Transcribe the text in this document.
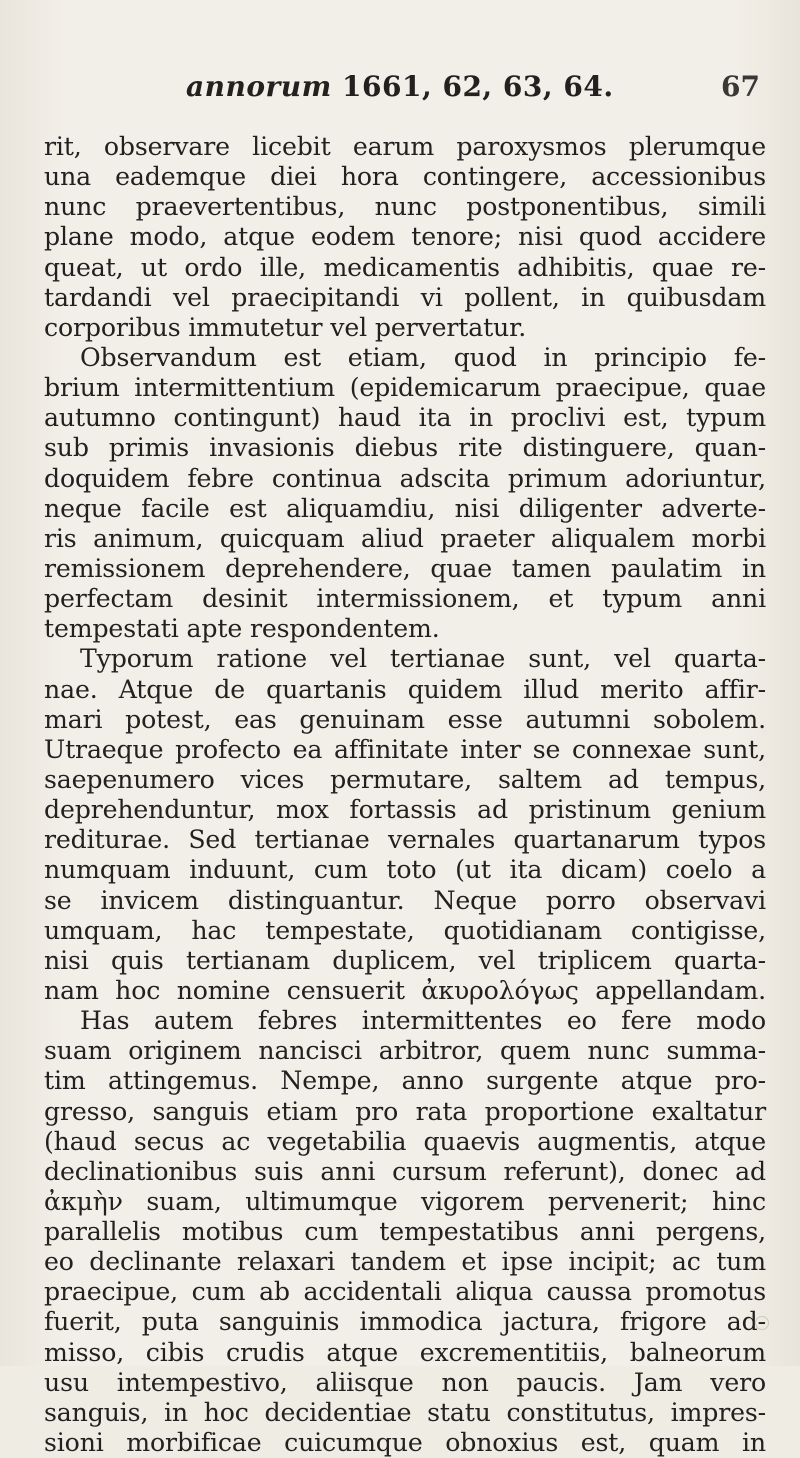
annorum 1661, 62, 63, 64.	67
rit, observare licebit earum paroxysmos plerumque
una eademque diei hora contingere, accessionibus
nunc praevertentibus, nunc postponentibus, simili
plane modo, atque eodem tenore; nisi quod accidere
queat, ut ordo ille, medicamentis adhibitis, quae re-
tardandi vel praecipitandi vi pollent, in quibusdam
corporibus immutetur vel pervertatur.
Observandum est etiam, quod in principio fe-
brium intermittentium (epidemicarum praecipue, quae
autumno contingunt) haud ita in proclivi est, typum
sub primis invasionis diebus rite distinguere, quan-
doquidem febre continua adscita primum adoriuntur,
neque facile est aliquamdiu, nisi diligenter adverte-
ris animum, quicquam aliud praeter aliqualem morbi
remissionem deprehendere, quae tamen paulatim in
perfectam desinit intermissionem, et typum anni
tempestati apte respondentem.
Typorum ratione vel tertianae sunt, vel quarta-
nae. Atque de quartanis quidem illud merito affir-
mari potest, eas genuinam esse autumni sobolem.
Utraeque profecto ea affinitate inter se connexae sunt,
saepenumero vices permutare, saltem ad tempus,
deprehenduntur, mox fortassis ad pristinum genium
rediturae. Sed tertianae vernales quartanarum typos
numquam induunt, cum toto (ut ita dicam) coelo a
se invicem distinguantur. Neque porro observavi
umquam, hac tempestate, quotidianam contigisse,
nisi quis tertianam duplicem, vel triplicem quarta-
nam hoc nomine censuerit ἀκυρολόγως appellandam.
Has autem febres intermittentes eo fere modo
suam originem nancisci arbitror, quem nunc summa-
tim attingemus. Nempe, anno surgente atque pro-
gresso, sanguis etiam pro rata proportione exaltatur
(haud secus ac vegetabilia quaevis augmentis, atque
declinationibus suis anni cursum referunt), donec ad
ἀκμὴν suam, ultimumque vigorem pervenerit; hinc
parallelis motibus cum tempestatibus anni pergens,
eo declinante relaxari tandem et ipse incipit; ac tum
praecipue, cum ab accidentali aliqua caussa promotus
fuerit, puta sanguinis immodica jactura, frigore ad-
misso, cibis crudis atque excrementitiis, balneorum
usu intempestivo, aliisque non paucis. Jam vero
sanguis, in hoc decidentiae statu constitutus, impres-
sioni morbificae cuicumque obnoxius est, quam in
